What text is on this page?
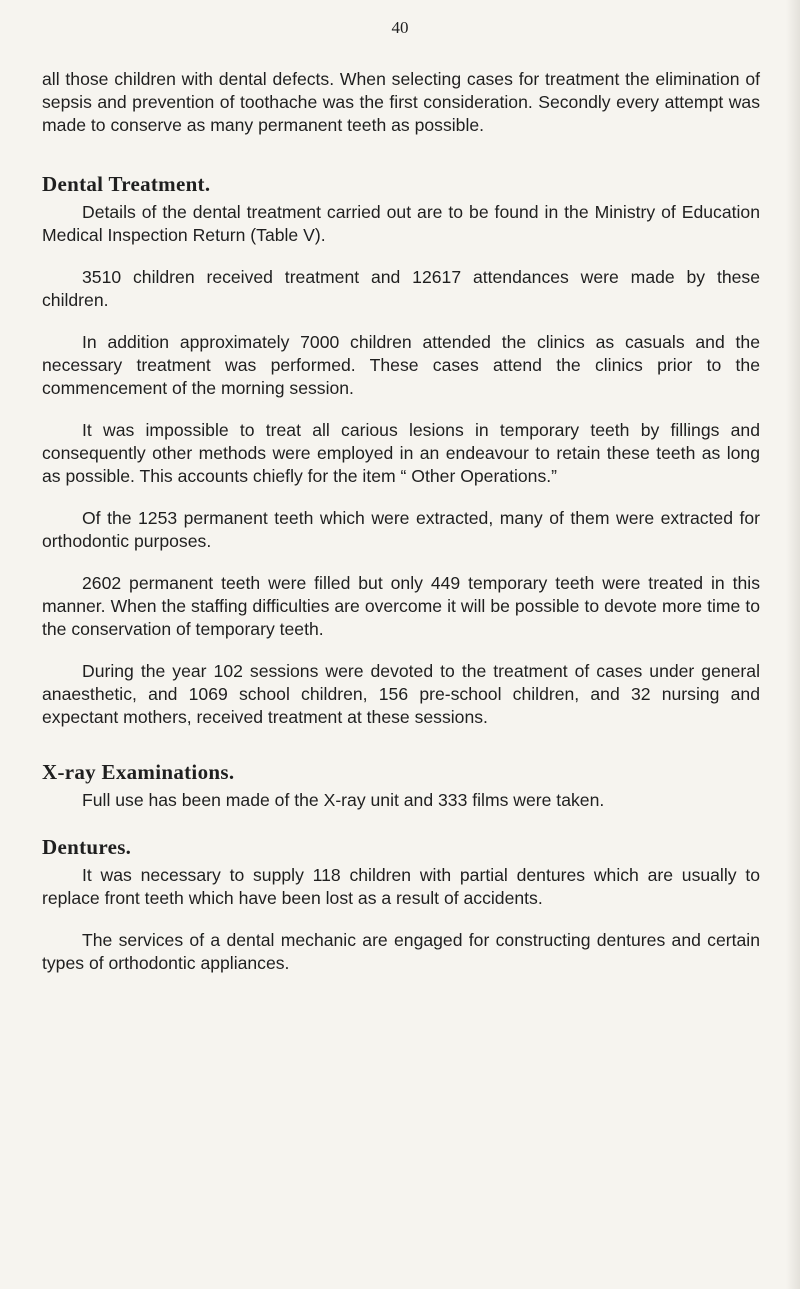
40

all those children with dental defects. When selecting cases for treatment the elimination of sepsis and prevention of toothache was the first consideration. Secondly every attempt was made to conserve as many permanent teeth as possible.

Dental Treatment.

Details of the dental treatment carried out are to be found in the Ministry of Education Medical Inspection Return (Table V).

3510 children received treatment and 12617 attendances were made by these children.

In addition approximately 7000 children attended the clinics as casuals and the necessary treatment was performed. These cases attend the clinics prior to the commencement of the morning session.

It was impossible to treat all carious lesions in temporary teeth by fillings and consequently other methods were employed in an endeavour to retain these teeth as long as possible. This accounts chiefly for the item “ Other Operations.”

Of the 1253 permanent teeth which were extracted, many of them were extracted for orthodontic purposes.

2602 permanent teeth were filled but only 449 temporary teeth were treated in this manner. When the staffing difficulties are overcome it will be possible to devote more time to the conservation of temporary teeth.

During the year 102 sessions were devoted to the treatment of cases under general anaesthetic, and 1069 school children, 156 pre-school children, and 32 nursing and expectant mothers, received treatment at these sessions.

X-ray Examinations.

Full use has been made of the X-ray unit and 333 films were taken.

Dentures.

It was necessary to supply 118 children with partial dentures which are usually to replace front teeth which have been lost as a result of accidents.

The services of a dental mechanic are engaged for constructing dentures and certain types of orthodontic appliances.
